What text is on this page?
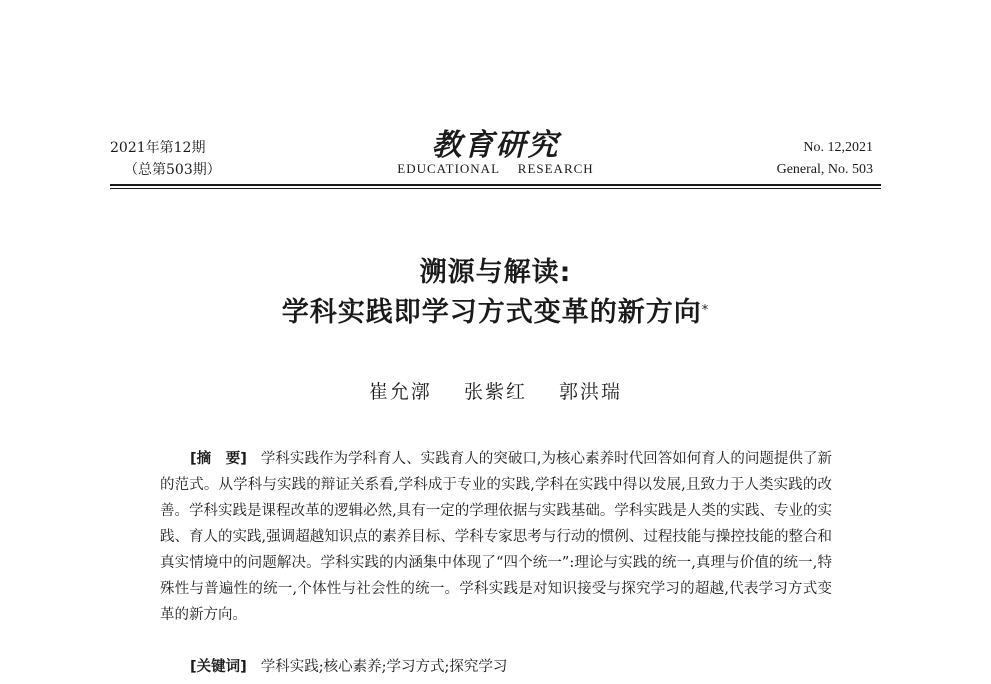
2021年第12期
（总第503期）
教育研究
EDUCATIONAL RESEARCH
No. 12,2021
General, No. 503
溯源与解读:
学科实践即学习方式变革的新方向*
崔允漷 张紫红 郭洪瑞
[摘　要] 学科实践作为学科育人、实践育人的突破口,为核心素养时代回答如何育人的问题提供了新的范式。从学科与实践的辩证关系看,学科成于专业的实践,学科在实践中得以发展,且致力于人类实践的改善。学科实践是课程改革的逻辑必然,具有一定的学理依据与实践基础。学科实践是人类的实践、专业的实践、育人的实践,强调超越知识点的素养目标、学科专家思考与行动的惯例、过程技能与操控技能的整合和真实情境中的问题解决。学科实践的内涵集中体现了“四个统一”:理论与实践的统一,真理与价值的统一,特殊性与普遍性的统一,个体性与社会性的统一。学科实践是对知识接受与探究学习的超越,代表学习方式变革的新方向。
[关键词] 学科实践;核心素养;学习方式;探究学习
